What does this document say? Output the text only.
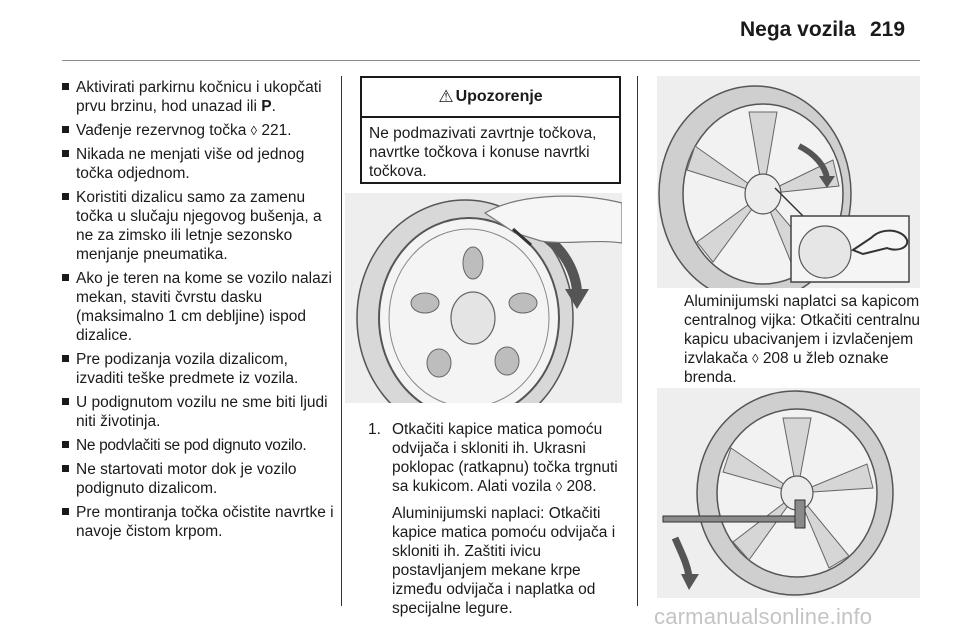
Nega vozila 219
Aktivirati parkirnu kočnicu i ukopčati prvu brzinu, hod unazad ili P.
Vađenje rezervnog točka ◊ 221.
Nikada ne menjati više od jednog točka odjednom.
Koristiti dizalicu samo za zamenu točka u slučaju njegovog bušenja, a ne za zimsko ili letnje sezonsko menjanje pneumatika.
Ako je teren na kome se vozilo nalazi mekan, staviti čvrstu dasku (maksimalno 1 cm debljine) ispod dizalice.
Pre podizanja vozila dizalicom, izvaditi teške predmete iz vozila.
U podignutom vozilu ne sme biti ljudi niti životinja.
Ne podvlačiti se pod dignuto vozilo.
Ne startovati motor dok je vozilo podignuto dizalicom.
Pre montiranja točka očistite navrtke i navoje čistom krpom.
⚠ Upozorenje
Ne podmazivati zavrtnje točkova, navrtke točkova i konuse navrtki točkova.
1. Otkačiti kapice matica pomoću odvijača i skloniti ih. Ukrasni poklopac (ratkapnu) točka trgnuti sa kukicom. Alati vozila ◊ 208.
Aluminijumski naplaci: Otkačiti kapice matica pomoću odvijača i skloniti ih. Zaštiti ivicu postavljanjem mekane krpe između odvijača i naplatka od specijalne legure.
Aluminijumski naplatci sa kapicom centralnog vijka: Otkačiti centralnu kapicu ubacivanjem i izvlačenjem izvlakača ◊ 208 u žleb oznake brenda.
carmanualsonline.info
